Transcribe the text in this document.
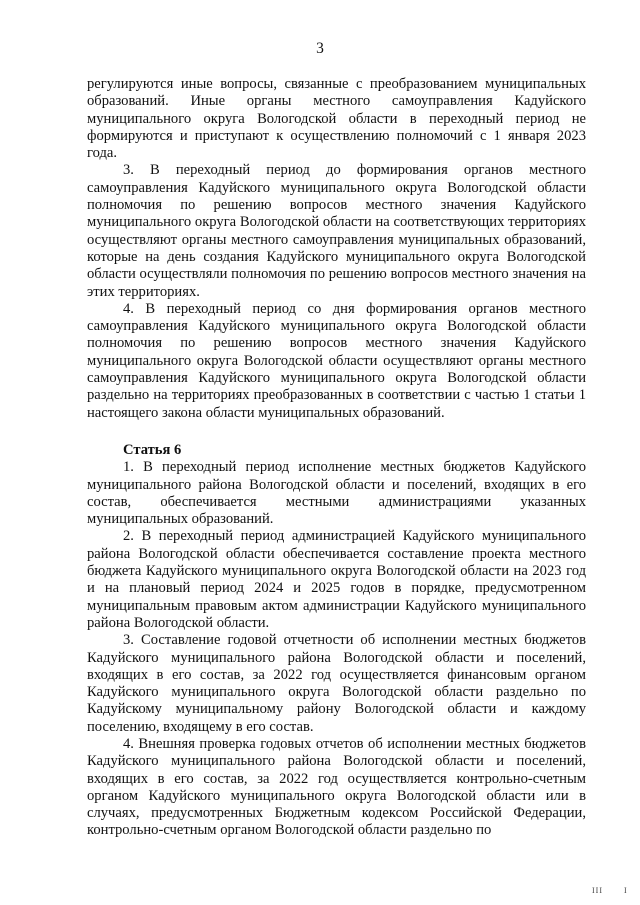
3

регулируются иные вопросы, связанные с преобразованием муниципальных образований. Иные органы местного самоуправления Кадуйского муниципального округа Вологодской области в переходный период не формируются и приступают к осуществлению полномочий с 1 января 2023 года.

3. В переходный период до формирования органов местного самоуправления Кадуйского муниципального округа Вологодской области полномочия по решению вопросов местного значения Кадуйского муниципального округа Вологодской области на соответствующих территориях осуществляют органы местного самоуправления муниципальных образований, которые на день создания Кадуйского муниципального округа Вологодской области осуществляли полномочия по решению вопросов местного значения на этих территориях.

4. В переходный период со дня формирования органов местного самоуправления Кадуйского муниципального округа Вологодской области полномочия по решению вопросов местного значения Кадуйского муниципального округа Вологодской области осуществляют органы местного самоуправления Кадуйского муниципального округа Вологодской области раздельно на территориях преобразованных в соответствии с частью 1 статьи 1 настоящего закона области муниципальных образований.

Статья 6

1. В переходный период исполнение местных бюджетов Кадуйского муниципального района Вологодской области и поселений, входящих в его состав, обеспечивается местными администрациями указанных муниципальных образований.

2. В переходный период администрацией Кадуйского муниципального района Вологодской области обеспечивается составление проекта местного бюджета Кадуйского муниципального округа Вологодской области на 2023 год и на плановый период 2024 и 2025 годов в порядке, предусмотренном муниципальным правовым актом администрации Кадуйского муниципального района Вологодской области.

3. Составление годовой отчетности об исполнении местных бюджетов Кадуйского муниципального района Вологодской области и поселений, входящих в его состав, за 2022 год осуществляется финансовым органом Кадуйского муниципального округа Вологодской области раздельно по Кадуйскому муниципальному району Вологодской области и каждому поселению, входящему в его состав.

4. Внешняя проверка годовых отчетов об исполнении местных бюджетов Кадуйского муниципального района Вологодской области и поселений, входящих в его состав, за 2022 год осуществляется контрольно-счетным органом Кадуйского муниципального округа Вологодской области или в случаях, предусмотренных Бюджетным кодексом Российской Федерации, контрольно-счетным органом Вологодской области раздельно по

III	I
